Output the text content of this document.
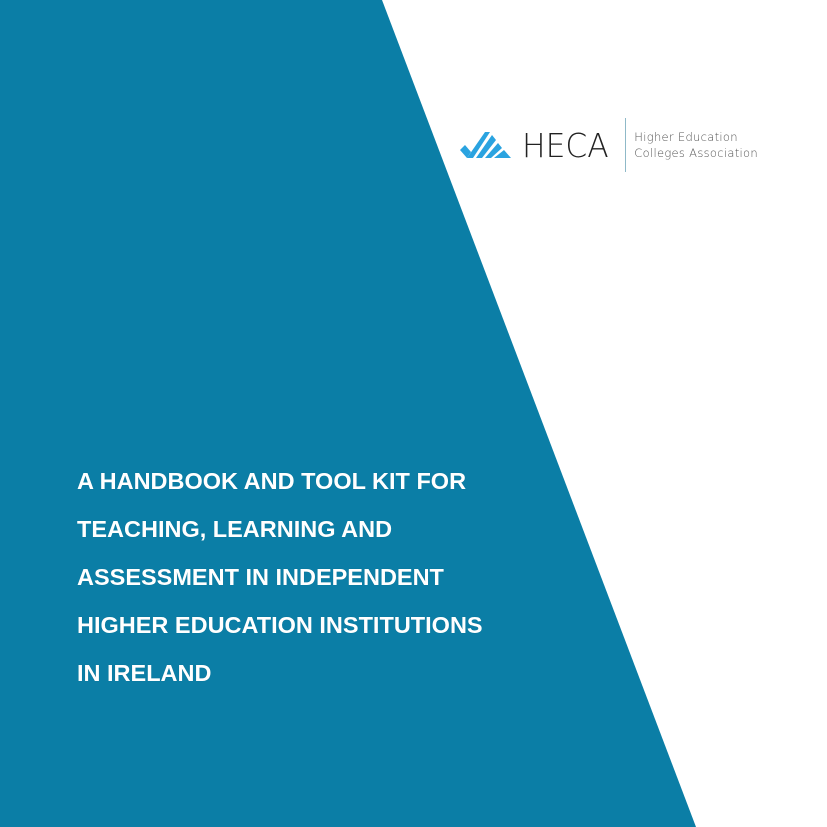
HECA Higher Education
Colleges Association
A HANDBOOK AND TOOL KIT FOR
TEACHING, LEARNING AND
ASSESSMENT IN INDEPENDENT
HIGHER EDUCATION INSTITUTIONS
IN IRELAND
